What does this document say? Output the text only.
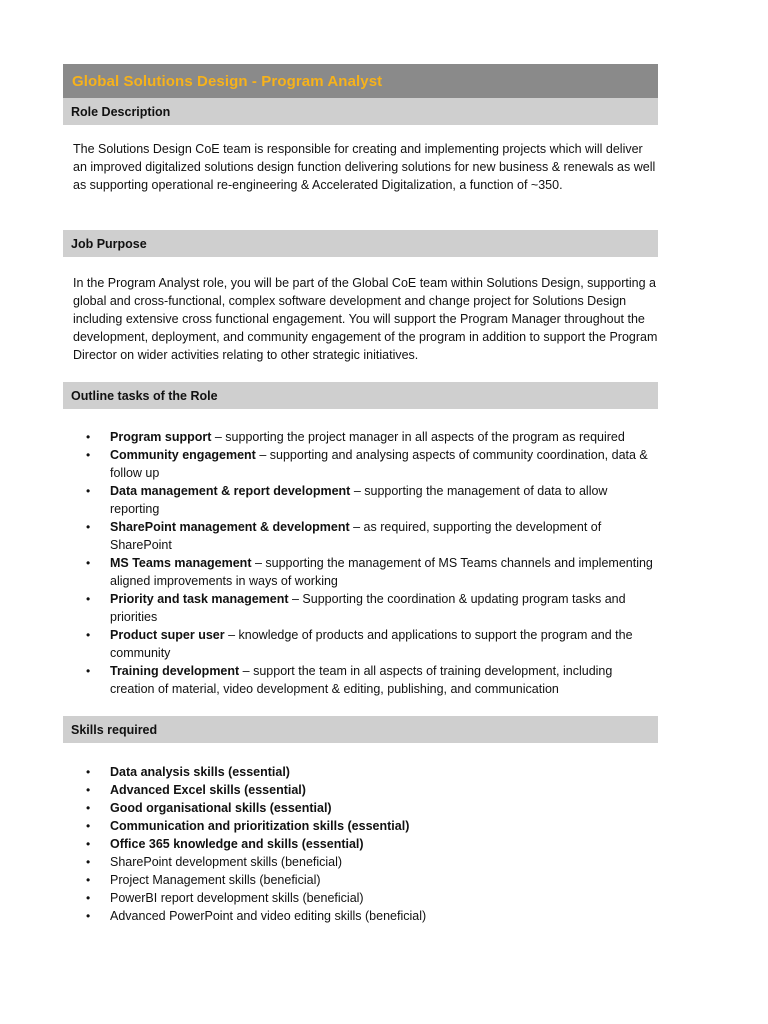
Global Solutions Design - Program Analyst
Role Description
The Solutions Design CoE team is responsible for creating and implementing projects which will deliver an improved digitalized solutions design function delivering solutions for new business & renewals as well as supporting operational re-engineering & Accelerated Digitalization, a function of ~350.
Job Purpose
In the Program Analyst role, you will be part of the Global CoE team within Solutions Design, supporting a global and cross-functional, complex software development and change project for Solutions Design including extensive cross functional engagement. You will support the Program Manager throughout the development, deployment, and community engagement of the program in addition to support the Program Director on wider activities relating to other strategic initiatives.
Outline tasks of the Role
• Program support – supporting the project manager in all aspects of the program as required
• Community engagement – supporting and analysing aspects of community coordination, data & follow up
• Data management & report development – supporting the management of data to allow reporting
• SharePoint management & development – as required, supporting the development of SharePoint
• MS Teams management – supporting the management of MS Teams channels and implementing aligned improvements in ways of working
• Priority and task management – Supporting the coordination & updating program tasks and priorities
• Product super user – knowledge of products and applications to support the program and the community
• Training development – support the team in all aspects of training development, including creation of material, video development & editing, publishing, and communication
Skills required
• Data analysis skills (essential)
• Advanced Excel skills (essential)
• Good organisational skills (essential)
• Communication and prioritization skills (essential)
• Office 365 knowledge and skills (essential)
• SharePoint development skills (beneficial)
• Project Management skills (beneficial)
• PowerBI report development skills (beneficial)
• Advanced PowerPoint and video editing skills (beneficial)
